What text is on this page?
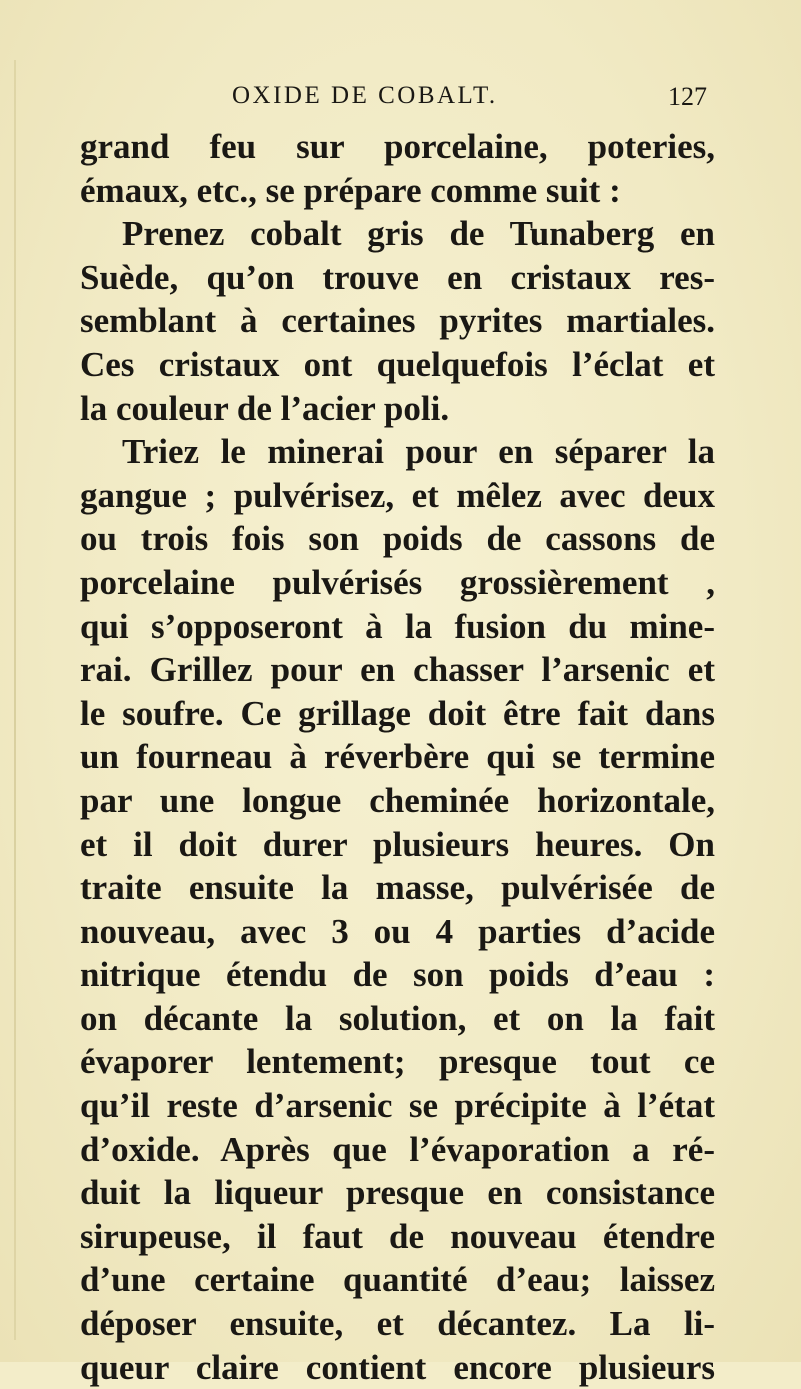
OXIDE DE COBALT.	127
grand feu sur porcelaine, poteries,
émaux, etc., se prépare comme suit :
Prenez cobalt gris de Tunaberg en
Suède, qu’on trouve en cristaux res-
semblant à certaines pyrites martiales.
Ces cristaux ont quelquefois l’éclat et
la couleur de l’acier poli.
Triez le minerai pour en séparer la
gangue ; pulvérisez, et mêlez avec deux
ou trois fois son poids de cassons de
porcelaine pulvérisés grossièrement ,
qui s’opposeront à la fusion du mine-
rai. Grillez pour en chasser l’arsenic et
le soufre. Ce grillage doit être fait dans
un fourneau à réverbère qui se termine
par une longue cheminée horizontale,
et il doit durer plusieurs heures. On
traite ensuite la masse, pulvérisée de
nouveau, avec 3 ou 4 parties d’acide
nitrique étendu de son poids d’eau :
on décante la solution, et on la fait
évaporer lentement; presque tout ce
qu’il reste d’arsenic se précipite à l’état
d’oxide. Après que l’évaporation a ré-
duit la liqueur presque en consistance
sirupeuse, il faut de nouveau étendre
d’une certaine quantité d’eau; laissez
déposer ensuite, et décantez. La li-
queur claire contient encore plusieurs
